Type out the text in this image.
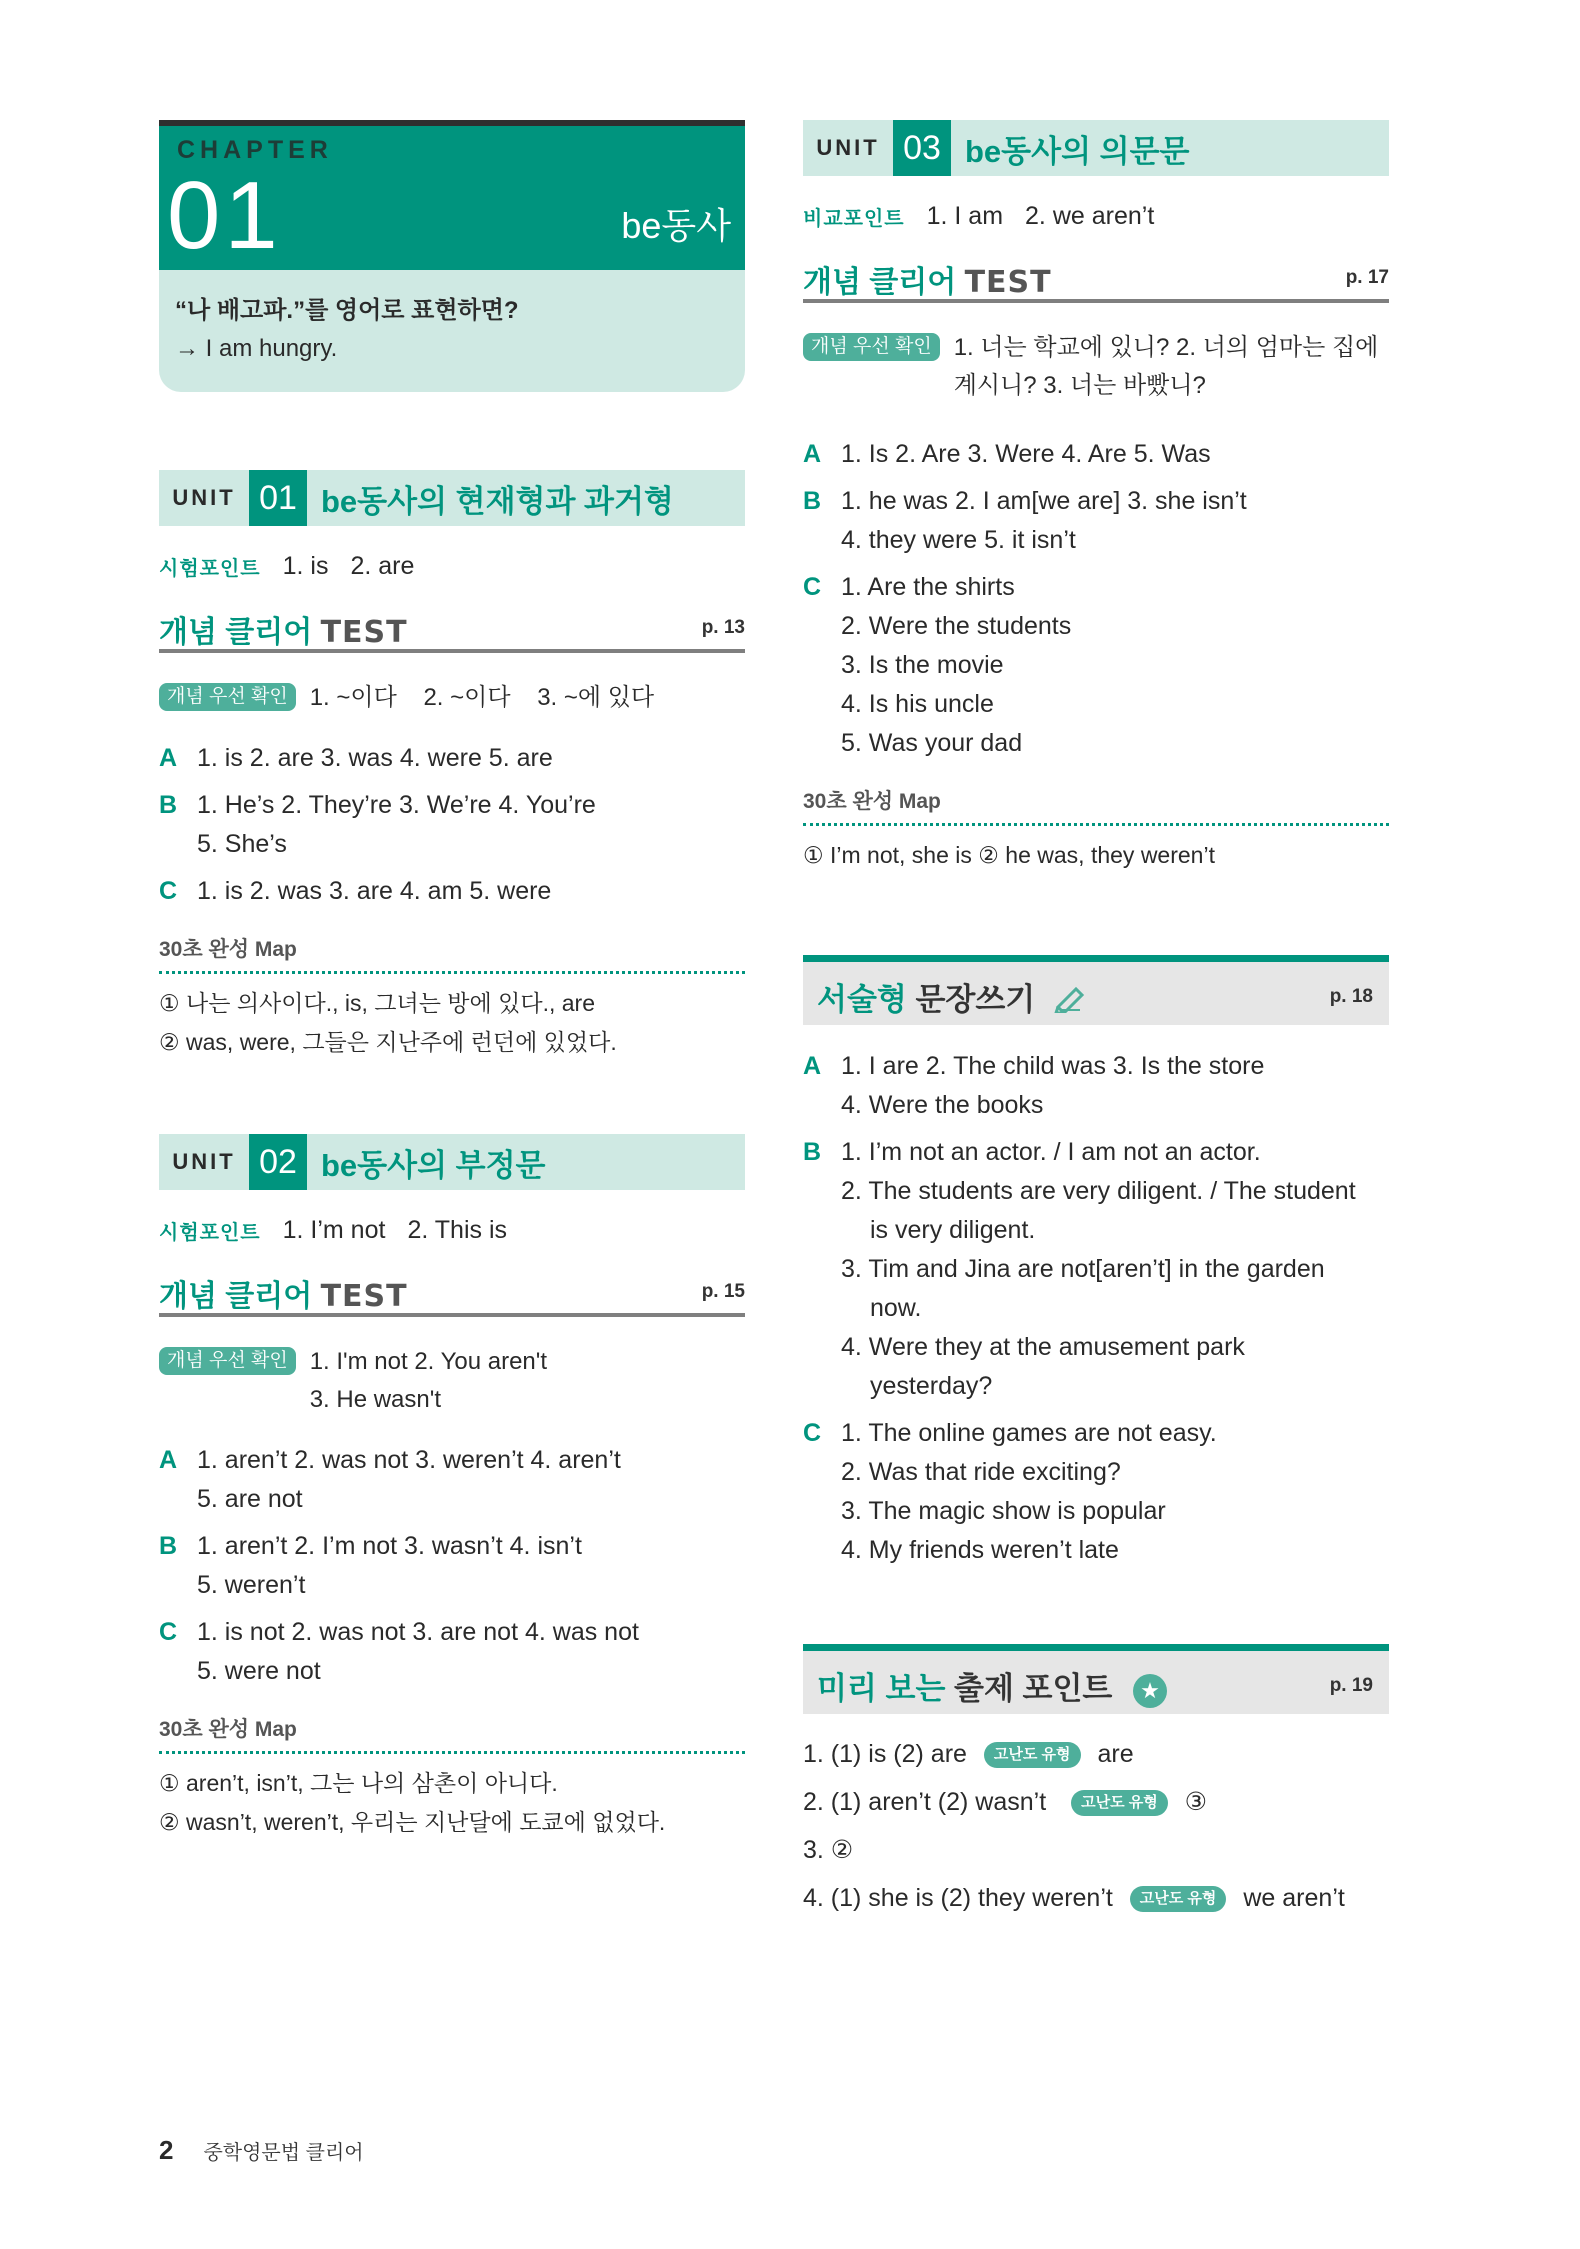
CHAPTER
01	be동사
“나 배고파.”를 영어로 표현하면?
→ I am hungry.
UNIT 01 be동사의 현재형과 과거형
시험포인트 1. is 2. are
개념 클리어 TEST	p. 13
개념 우선 확인 1. ~이다 2. ~이다 3. ~에 있다
A 1. is 2. are 3. was 4. were 5. are
B 1. He’s 2. They’re 3. We’re 4. You’re
5. She’s
C 1. is 2. was 3. are 4. am 5. were
30초 완성 Map
① 나는 의사이다., is, 그녀는 방에 있다., are
② was, were, 그들은 지난주에 런던에 있었다.
UNIT 02 be동사의 부정문
시험포인트 1. I’m not 2. This is
개념 클리어 TEST	p. 15
개념 우선 확인 1. I'm not 2. You aren't
3. He wasn't
A 1. aren’t 2. was not 3. weren’t 4. aren’t
5. are not
B 1. aren’t 2. I’m not 3. wasn’t 4. isn’t
5. weren’t
C 1. is not 2. was not 3. are not 4. was not
5. were not
30초 완성 Map
① aren’t, isn’t, 그는 나의 삼촌이 아니다.
② wasn’t, weren’t, 우리는 지난달에 도쿄에 없었다.
UNIT 03 be동사의 의문문
비교포인트 1. I am 2. we aren’t
개념 클리어 TEST	p. 17
개념 우선 확인 1. 너는 학교에 있니? 2. 너의 엄마는 집에
계시니? 3. 너는 바빴니?
A 1. Is 2. Are 3. Were 4. Are 5. Was
B 1. he was 2. I am[we are] 3. she isn’t
4. they were 5. it isn’t
C 1. Are the shirts
2. Were the students
3. Is the movie
4. Is his uncle
5. Was your dad
30초 완성 Map
① I’m not, she is ② he was, they weren’t
서술형 문장쓰기	p. 18
A 1. I are 2. The child was 3. Is the store
4. Were the books
B 1. I’m not an actor. / I am not an actor.
2. The students are very diligent. / The student
is very diligent.
3. Tim and Jina are not[aren’t] in the garden
now.
4. Were they at the amusement park
yesterday?
C 1. The online games are not easy.
2. Was that ride exciting?
3. The magic show is popular
4. My friends weren’t late
미리 보는 출제 포인트 ★	p. 19
1. (1) is (2) are 고난도 유형 are
2. (1) aren’t (2) wasn’t 고난도 유형 ③
3. ②
4. (1) she is (2) they weren’t 고난도 유형 we aren’t
2 중학영문법 클리어
